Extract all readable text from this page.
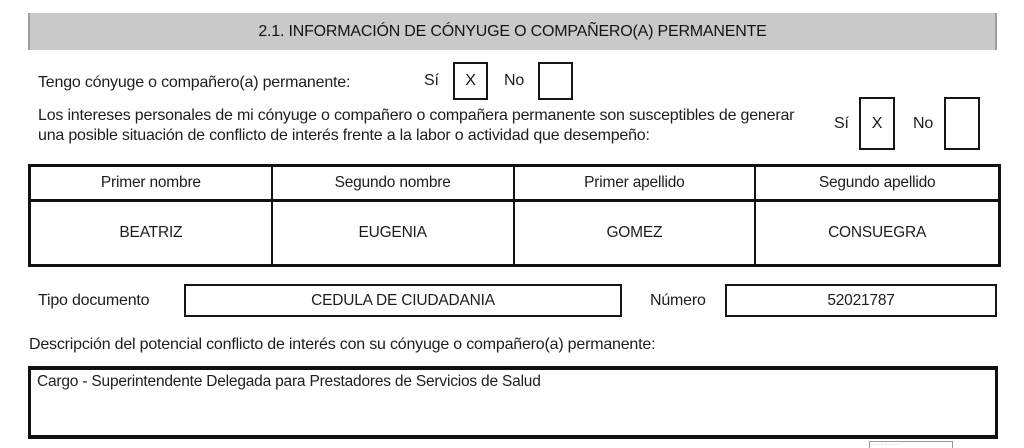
2.1. INFORMACIÓN DE CÓNYUGE O COMPAÑERO(A) PERMANENTE
Tengo cónyuge o compañero(a) permanente:	Sí X No
Los intereses personales de mi cónyuge o compañero o compañera permanente son susceptibles de generar una posible situación de conflicto de interés frente a la labor o actividad que desempeño:
Sí X No
Primer nombre	Segundo nombre	Primer apellido	Segundo apellido
BEATRIZ	EUGENIA	GOMEZ	CONSUEGRA
Tipo documento	CEDULA DE CIUDADANIA	Número	52021787
Descripción del potencial conflicto de interés con su cónyuge o compañero(a) permanente:
Cargo - Superintendente Delegada para Prestadores de Servicios de Salud
·· · ··· ·· · ···· ·
